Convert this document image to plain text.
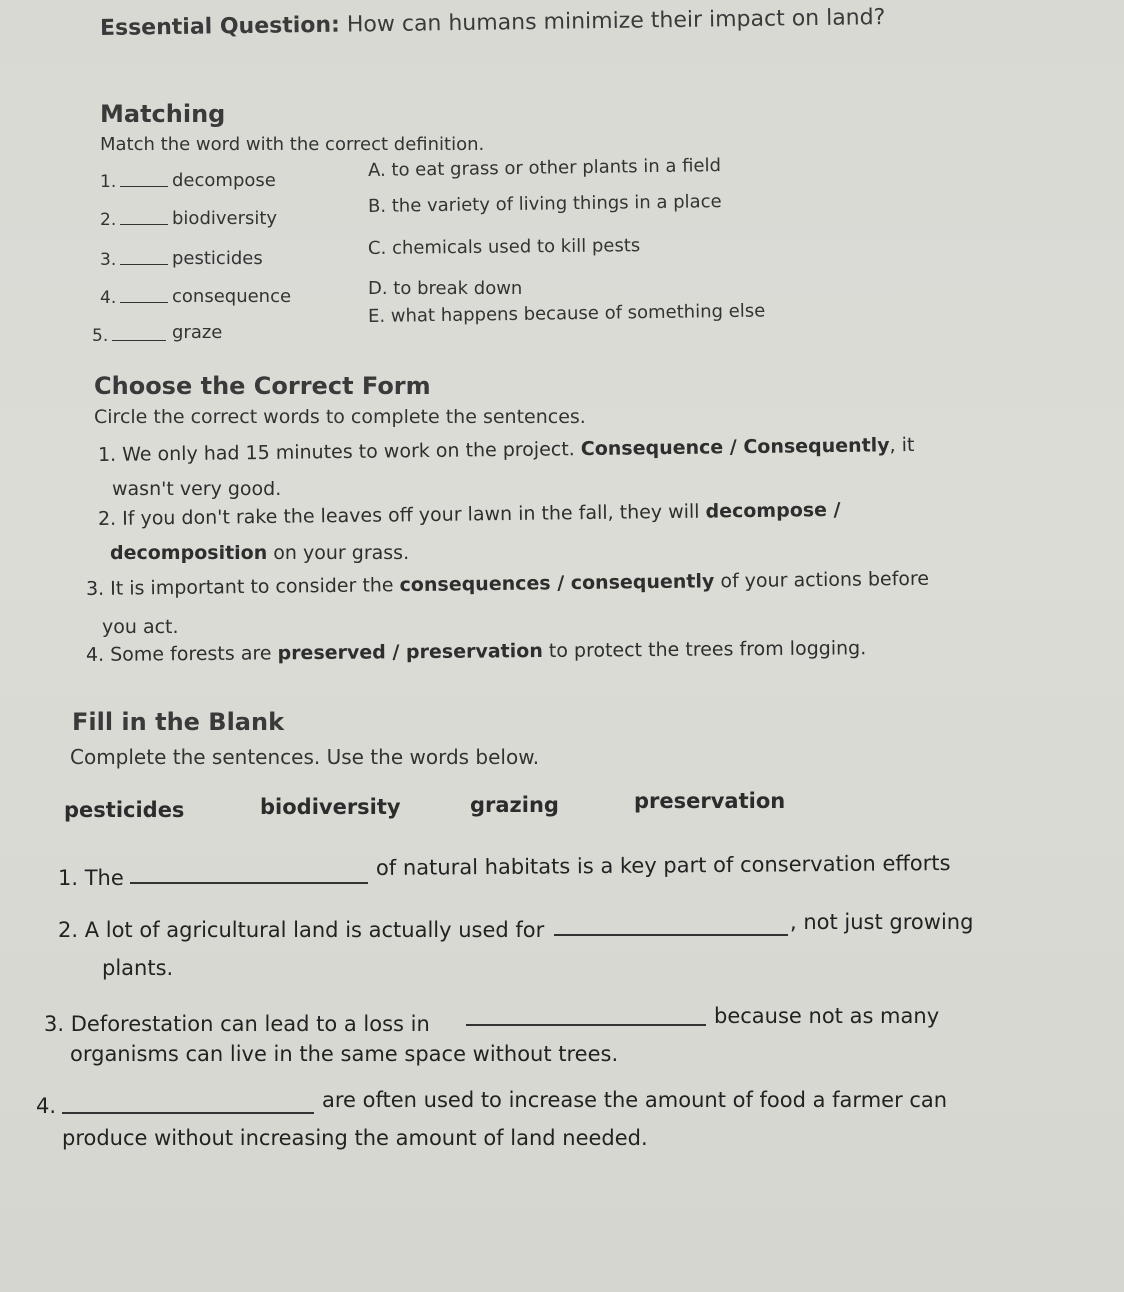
Essential Question: How can humans minimize their impact on land?
Matching
Match the word with the correct definition.
1.	decompose
2.	biodiversity
3.	pesticides
4.	consequence
5.	graze
A. to eat grass or other plants in a field
B. the variety of living things in a place
C. chemicals used to kill pests
D. to break down
E. what happens because of something else
Choose the Correct Form
Circle the correct words to complete the sentences.
1. We only had 15 minutes to work on the project. Consequence / Consequently, it
wasn't very good.
2. If you don't rake the leaves off your lawn in the fall, they will decompose /
decomposition on your grass.
3. It is important to consider the consequences / consequently of your actions before
you act.
4. Some forests are preserved / preservation to protect the trees from logging.
Fill in the Blank
Complete the sentences. Use the words below.
pesticides	biodiversity	grazing	preservation
1. The	of natural habitats is a key part of conservation efforts
2. A lot of agricultural land is actually used for	, not just growing
plants.
3. Deforestation can lead to a loss in	because not as many
organisms can live in the same space without trees.
4.	are often used to increase the amount of food a farmer can
produce without increasing the amount of land needed.
